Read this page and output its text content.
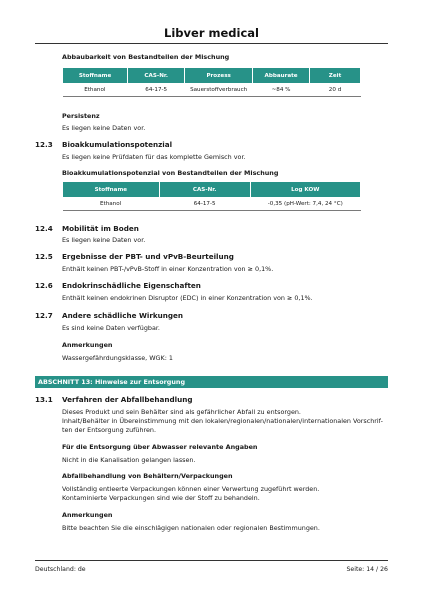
Libver medical
Abbaubarkeit von Bestandteilen der Mischung
Stoffname	CAS-Nr.	Prozess	Abbaurate	Zeit
Ethanol	64-17-5	Sauerstoffverbrauch	~84 %	20 d
Persistenz
Es liegen keine Daten vor.
12.3 Bioakkumulationspotenzial
Es liegen keine Prüfdaten für das komplette Gemisch vor.
Bioakkumulationspotenzial von Bestandteilen der Mischung
Stoffname	CAS-Nr.	Log KOW
Ethanol	64-17-5	-0,35 (pH-Wert: 7,4, 24 °C)
12.4 Mobilität im Boden
Es liegen keine Daten vor.
12.5 Ergebnisse der PBT- und vPvB-Beurteilung
Enthält keinen PBT-/vPvB-Stoff in einer Konzentration von ≥ 0,1%.
12.6 Endokrinschädliche Eigenschaften
Enthält keinen endokrinen Disruptor (EDC) in einer Konzentration von ≥ 0,1%.
12.7 Andere schädliche Wirkungen
Es sind keine Daten verfügbar.
Anmerkungen
Wassergefährdungsklasse, WGK: 1
ABSCHNITT 13: Hinweise zur Entsorgung
13.1 Verfahren der Abfallbehandlung
Dieses Produkt und sein Behälter sind als gefährlicher Abfall zu entsorgen.
Inhalt/Behälter in Übereinstimmung mit den lokalen/regionalen/nationalen/internationalen Vorschrif-
ten der Entsorgung zuführen.
Für die Entsorgung über Abwasser relevante Angaben
Nicht in die Kanalisation gelangen lassen.
Abfallbehandlung von Behältern/Verpackungen
Vollständig entleerte Verpackungen können einer Verwertung zugeführt werden.
Kontaminierte Verpackungen sind wie der Stoff zu behandeln.
Anmerkungen
Bitte beachten Sie die einschlägigen nationalen oder regionalen Bestimmungen.
Deutschland: de	Seite: 14 / 26
